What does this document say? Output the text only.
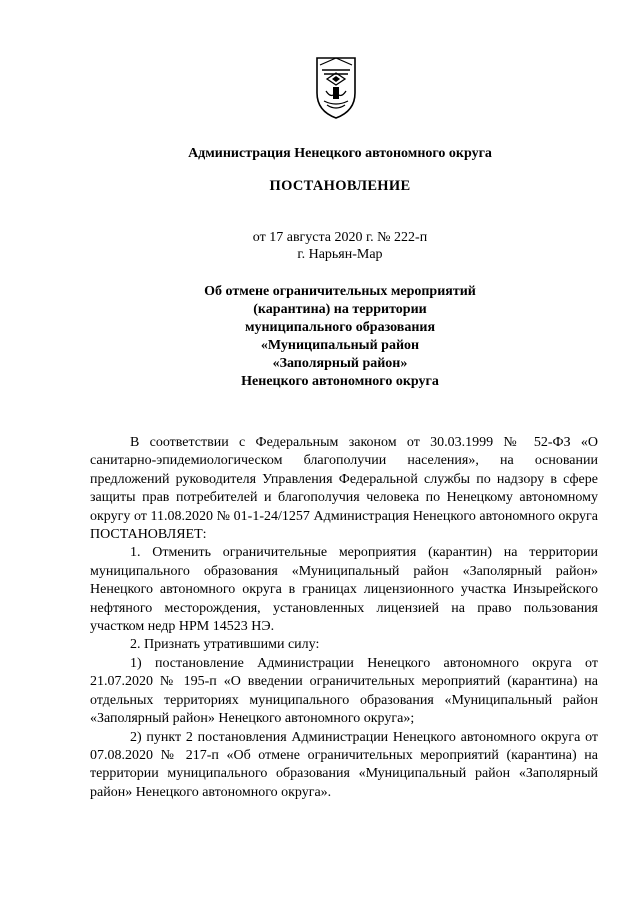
Администрация Ненецкого автономного округа
ПОСТАНОВЛЕНИЕ
от 17 августа 2020 г. № 222-п
г. Нарьян-Мар
Об отмене ограничительных мероприятий
(карантина) на территории
муниципального образования
«Муниципальный район
«Заполярный район»
Ненецкого автономного округа

В соответствии с Федеральным законом от 30.03.1999 № 52-ФЗ «О санитарно-эпидемиологическом благополучии населения», на основании предложений руководителя Управления Федеральной службы по надзору в сфере защиты прав потребителей и благополучия человека по Ненецкому автономному округу от 11.08.2020 № 01-1-24/1257 Администрация Ненецкого автономного округа ПОСТАНОВЛЯЕТ:

1. Отменить ограничительные мероприятия (карантин) на территории муниципального образования «Муниципальный район «Заполярный район» Ненецкого автономного округа в границах лицензионного участка Инзырейского нефтяного месторождения, установленных лицензией на право пользования участком недр НРМ 14523 НЭ.

2. Признать утратившими силу:

1) постановление Администрации Ненецкого автономного округа от 21.07.2020 № 195-п «О введении ограничительных мероприятий (карантина) на отдельных территориях муниципального образования «Муниципальный район «Заполярный район» Ненецкого автономного округа»;

2) пункт 2 постановления Администрации Ненецкого автономного округа от 07.08.2020 № 217-п «Об отмене ограничительных мероприятий (карантина) на территории муниципального образования «Муниципальный район «Заполярный район» Ненецкого автономного округа».
